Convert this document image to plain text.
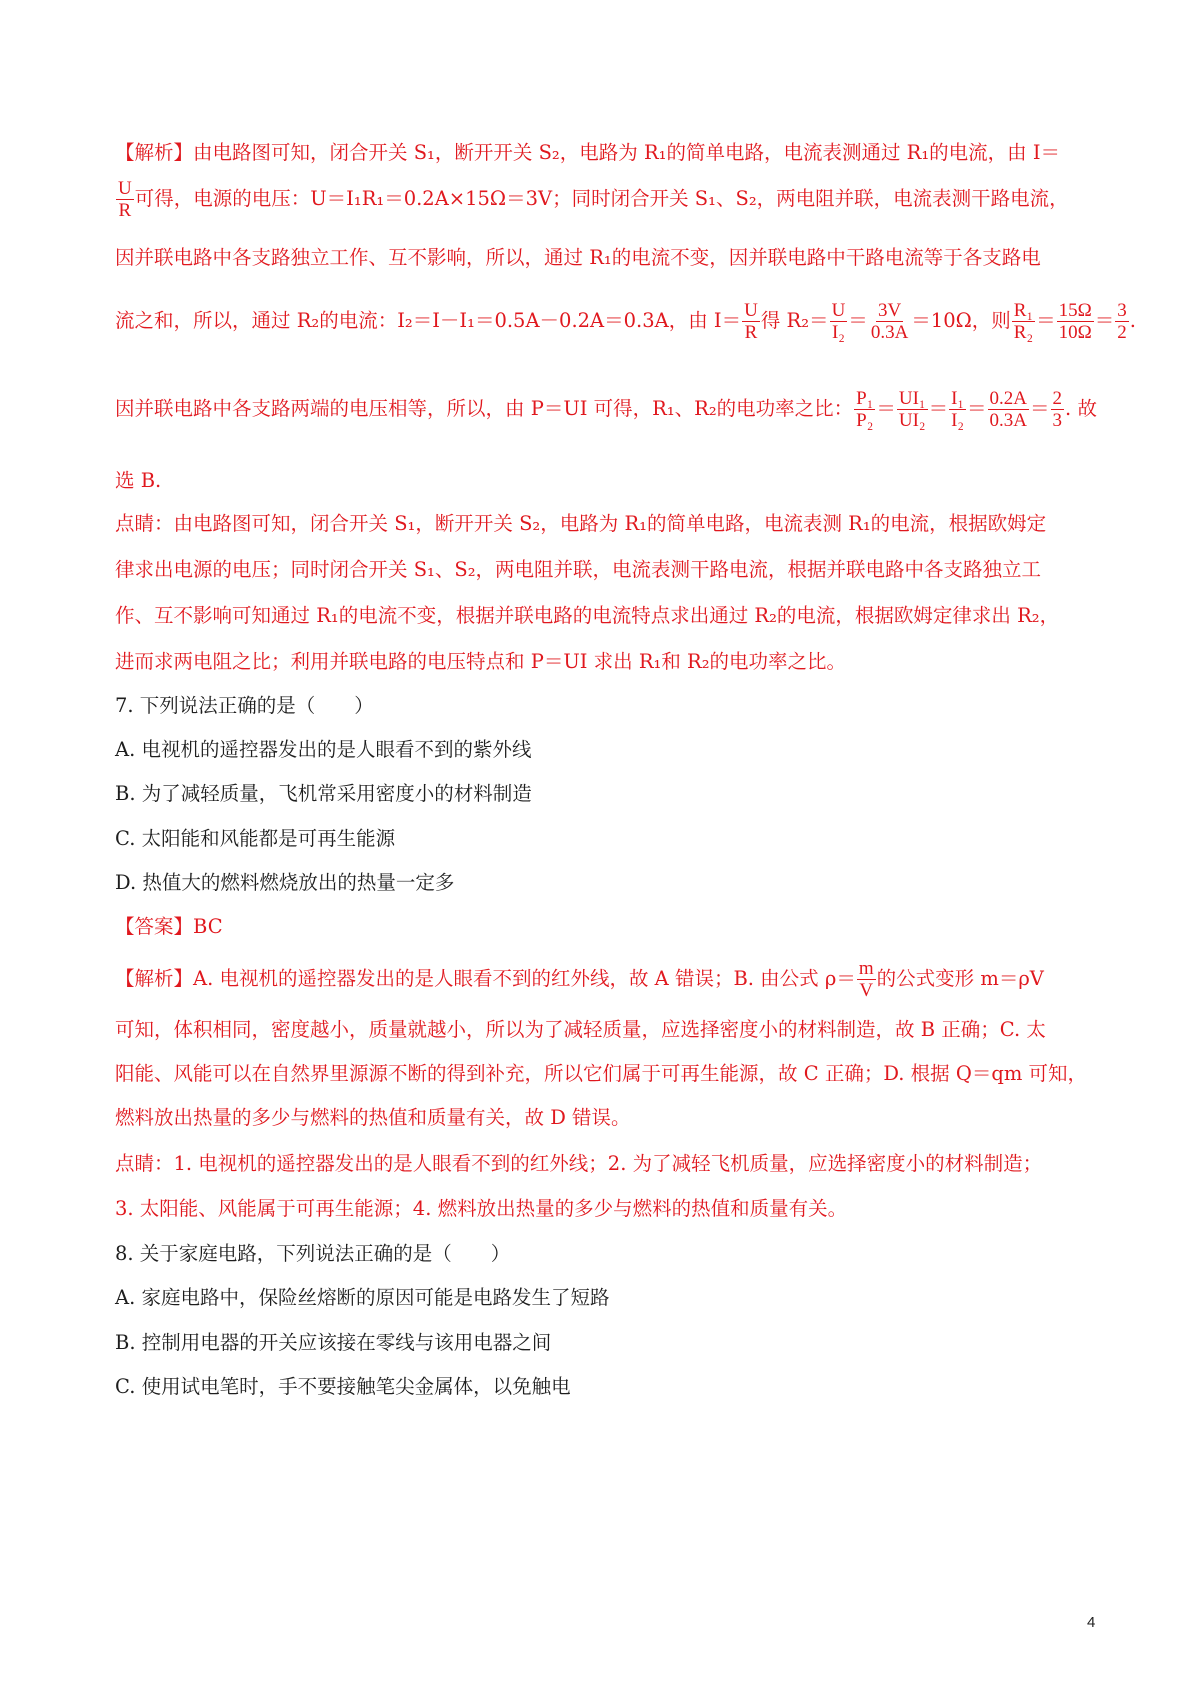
【解析】由电路图可知，闭合开关 S₁，断开开关 S₂，电路为 R₁的简单电路，电流表测通过 R₁的电流，由 I＝
$\frac{U}{R}$ 可得，电源的电压：U＝I₁R₁＝0.2A×15Ω＝3V；同时闭合开关 S₁、S₂，两电阻并联，电流表测干路电流，
因并联电路中各支路独立工作、互不影响，所以，通过 R₁的电流不变，因并联电路中干路电流等于各支路电
流之和，所以，通过 R₂的电流：I₂＝I－I₁＝0.5A－0.2A＝0.3A，由 $I= \frac{U}{R}$ 得 $R_2= \frac{U}{\text{I₂}} = \frac{3V}{0.3A} =10\Omega$，则 $\frac{\text{R₁}}{\text{R₂}} = \frac{15\Omega}{10\Omega} = \frac{3}{2}$ .
因并联电路中各支路两端的电压相等，所以，由 P＝UI 可得，R₁、R₂的电功率之比： $\frac{\text{P₁}}{\text{P₂}} = \frac{\text{UI₁}}{\text{UI₂}} = \frac{\text{I₁}}{\text{I₂}} = \frac{0.2A}{0.3A} = \frac{2}{3}$ . 故
选 B.
点睛：由电路图可知，闭合开关 S₁，断开开关 S₂，电路为 R₁的简单电路，电流表测 R₁的电流，根据欧姆定
律求出电源的电压；同时闭合开关 S₁、S₂，两电阻并联，电流表测干路电流，根据并联电路中各支路独立工
作、互不影响可知通过 R₁的电流不变，根据并联电路的电流特点求出通过 R₂的电流，根据欧姆定律求出 R₂，
进而求两电阻之比；利用并联电路的电压特点和 P＝UI 求出 R₁和 R₂的电功率之比。
7. 下列说法正确的是（　　）
A. 电视机的遥控器发出的是人眼看不到的紫外线
B. 为了减轻质量，飞机常采用密度小的材料制造
C. 太阳能和风能都是可再生能源
D. 热值大的燃料燃烧放出的热量一定多
【答案】BC
【解析】A. 电视机的遥控器发出的是人眼看不到的红外线，故 A 错误；B. 由公式 $\rho= \frac{m}{V}$ 的公式变形 m＝ρV
可知，体积相同，密度越小，质量就越小，所以为了减轻质量，应选择密度小的材料制造，故 B 正确；C. 太
阳能、风能可以在自然界里源源不断的得到补充，所以它们属于可再生能源，故 C 正确；D. 根据 Q＝qm 可知，
燃料放出热量的多少与燃料的热值和质量有关，故 D 错误。
点睛：1. 电视机的遥控器发出的是人眼看不到的红外线；2. 为了减轻飞机质量，应选择密度小的材料制造；
3. 太阳能、风能属于可再生能源；4. 燃料放出热量的多少与燃料的热值和质量有关。
8. 关于家庭电路，下列说法正确的是（　　）
A. 家庭电路中，保险丝熔断的原因可能是电路发生了短路
B. 控制用电器的开关应该接在零线与该用电器之间
C. 使用试电笔时，手不要接触笔尖金属体，以免触电
4
